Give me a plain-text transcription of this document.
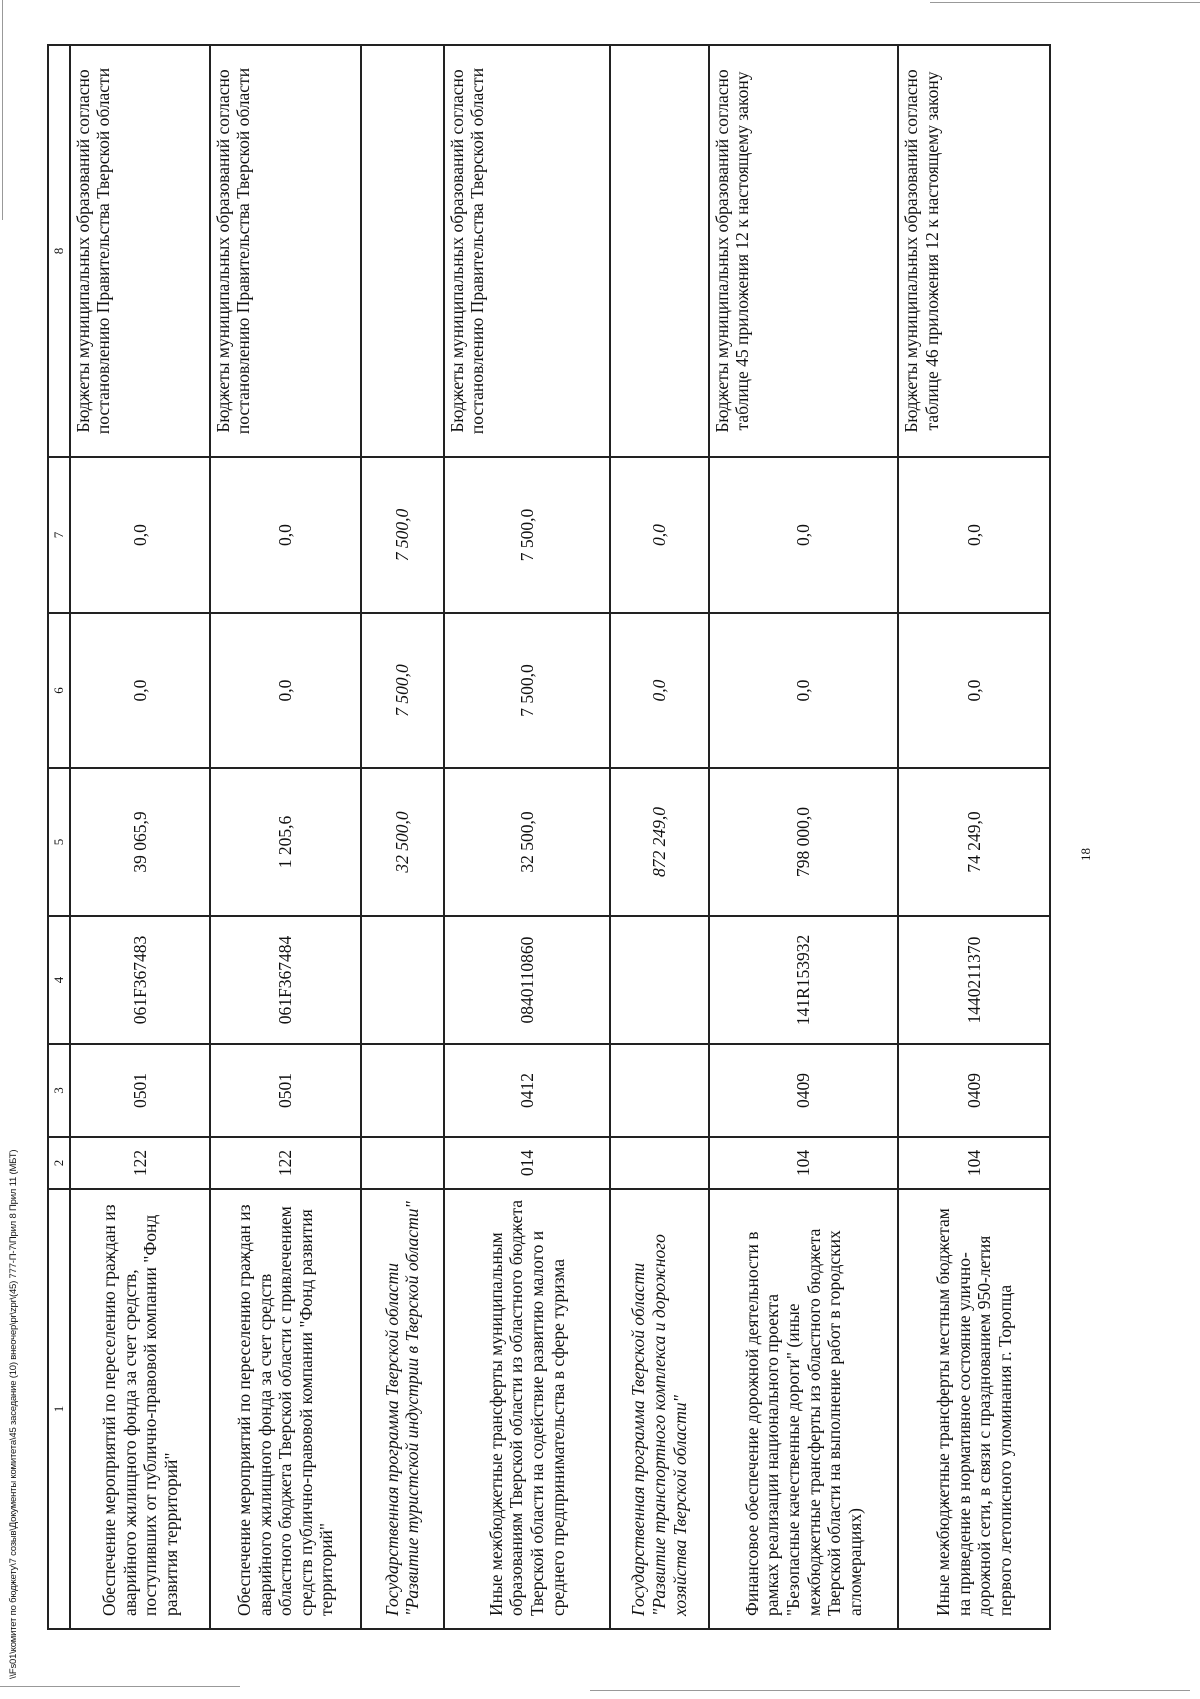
18
1	2	3	4	5	6	7	8
Обеспечение мероприятий по переселению граждан из аварийного жилищного фонда за счет средств, поступивших от публично-правовой компании "Фонд развития территорий"	122	0501	061F367483	39 065,9	0,0	0,0	Бюджеты муниципальных образований согласно постановлению Правительства Тверской области
Обеспечение мероприятий по переселению граждан из аварийного жилищного фонда за счет средств областного бюджета Тверской области с привлечением средств публично-правовой компании "Фонд развития территорий"	122	0501	061F367484	1 205,6	0,0	0,0	Бюджеты муниципальных образований согласно постановлению Правительства Тверской области
Государственная программа Тверской области "Развитие туристской индустрии в Тверской области"				32 500,0	7 500,0	7 500,0	
Иные межбюджетные трансферты муниципальным образованиям Тверской области из областного бюджета Тверской области на содействие развитию малого и среднего предпринимательства в сфере туризма	014	0412	0840110860	32 500,0	7 500,0	7 500,0	Бюджеты муниципальных образований согласно постановлению Правительства Тверской области
Государственная программа Тверской области "Развитие транспортного комплекса и дорожного хозяйства Тверской области"				872 249,0	0,0	0,0	
Финансовое обеспечение дорожной деятельности в рамках реализации национального проекта "Безопасные качественные дороги" (иные межбюджетные трансферты из областного бюджета Тверской области на выполнение работ в городских агломерациях)	104	0409	141R153932	798 000,0	0,0	0,0	Бюджеты муниципальных образований согласно таблице 45 приложения 12 к настоящему закону
Иные межбюджетные трансферты местным бюджетам на приведение в нормативное состояние улично-дорожной сети, в связи с празднованием 950-летия первого летописного упоминания г. Торопца	104	0409	1440211370	74 249,0	0,0	0,0	Бюджеты муниципальных образований согласно таблице 46 приложения 12 к настоящему закону
\\Fs01\комитет по бюджету\7 созыв\Документы комитета\45 заседание (10) внеочер\pr\zpr\(45) 777-П-7\Прил 8 Прил 11 (МБТ)
